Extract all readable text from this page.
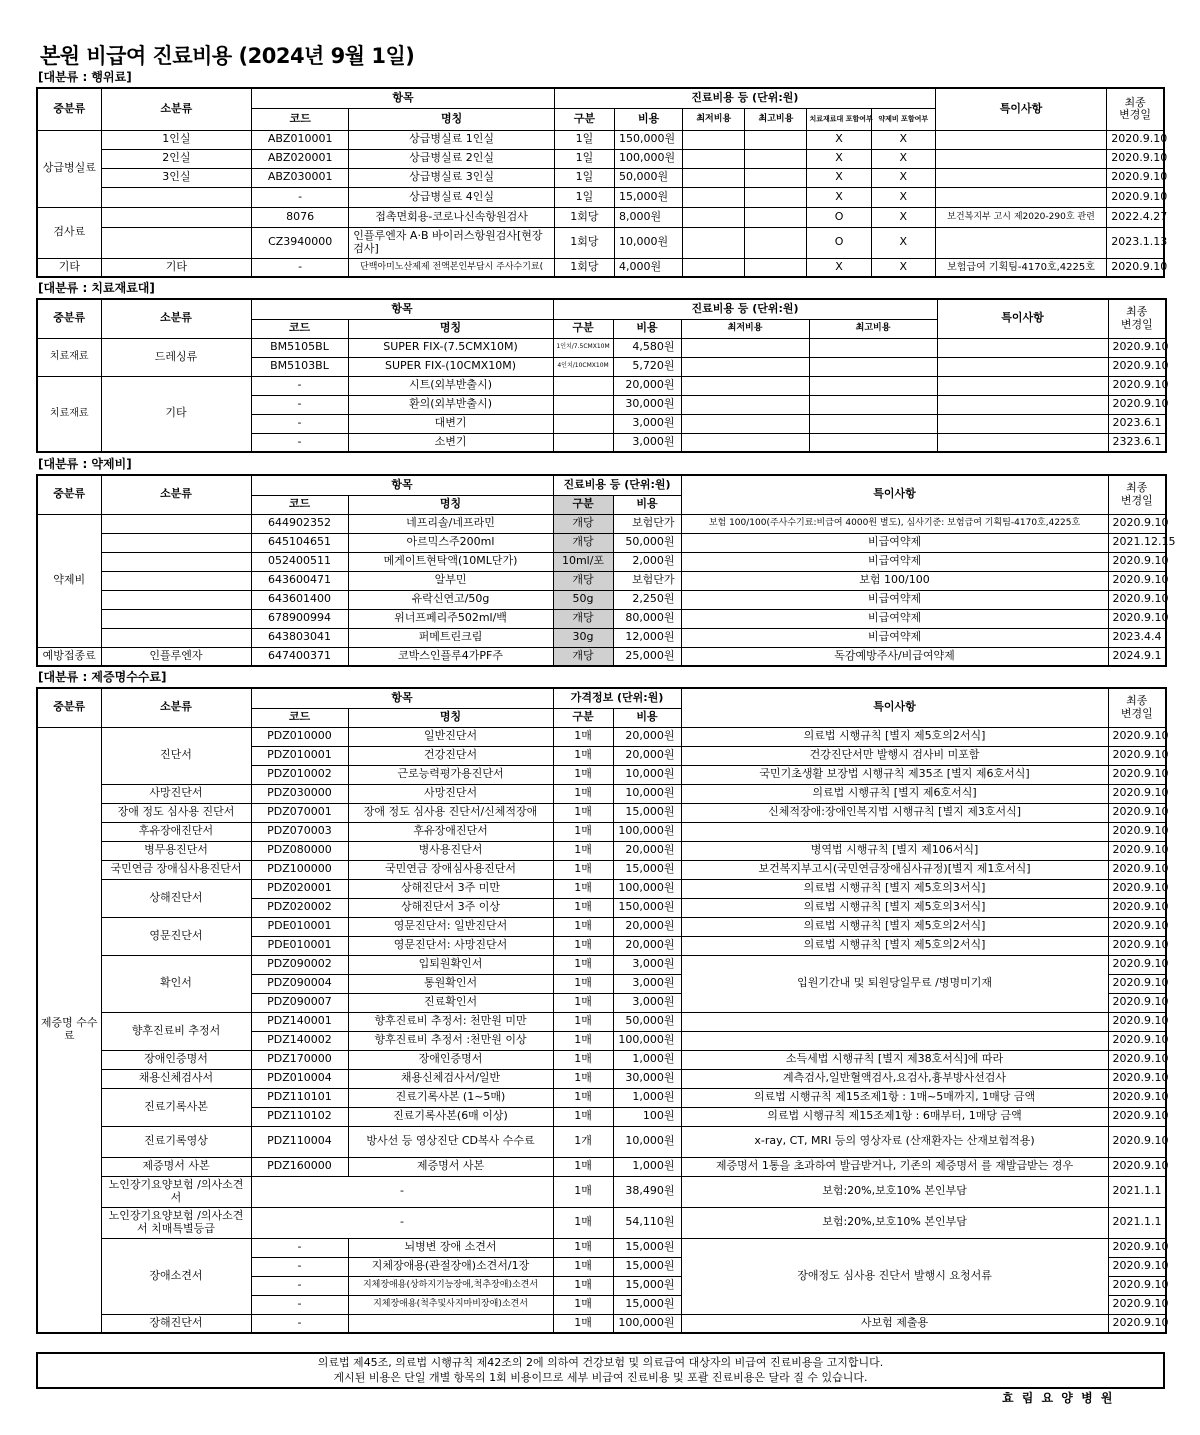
본원 비급여 진료비용 (2024년 9월 1일)
[대분류 : 행위료]
중분류	소분류	항목		진료비용 등 (단위:원)						특이사항	최종
변경일
		코드	명칭	구분	비용	최저비용	최고비용	치료재료대 포함여부	약제비 포함여부		
상급병실료	1인실	ABZ010001	상급병실료 1인실	1일	150,000원			X	X		2020.9.10
	2인실	ABZ020001	상급병실료 2인실	1일	100,000원			X	X		2020.9.10
	3인실	ABZ030001	상급병실료 3인실	1일	50,000원			X	X		2020.9.10
		-	상급병실료 4인실	1일	15,000원			X	X		2020.9.10
검사료		8076	접촉면회용-코로나신속항원검사	1회당	8,000원			O	X	보건복지부 고시 제2020-290호 관련	2022.4.27
		CZ3940000	인플루엔자 A·B 바이러스항원검사[현장검사]	1회당	10,000원			O	X		2023.1.13
기타	기타	-	단백아미노산제제 전액본인부담시 주사수기료(	1회당	4,000원			X	X	보험급여 기획팀-4170호,4225호	2020.9.10
[대분류 : 치료재료대]
중분류	소분류	항목		진료비용 등 (단위:원)				특이사항	최종
변경일
		코드	명칭	구분	비용	최저비용	최고비용		
치료재료	드레싱류	BM5105BL	SUPER FIX-(7.5CMX10M)	1인치/7.5CMX10M	4,580원				2020.9.10
		BM5103BL	SUPER FIX-(10CMX10M)	4인치/10CMX10M	5,720원				2020.9.10
치료재료	기타	-	시트(외부반출시)		20,000원				2020.9.10
		-	환의(외부반출시)		30,000원				2020.9.10
		-	대변기		3,000원				2023.6.1
		-	소변기		3,000원				2323.6.1
[대분류 : 약제비]
중분류	소분류	항목		진료비용 등 (단위:원)		특이사항	최종
변경일
		코드	명칭	구분	비용		
약제비		644902352	네프리솔/네프라민	개당	보험단가	보험 100/100(주사수기료:비급여 4000원 별도), 심사기준: 보험급여 기획팀-4170호,4225호	2020.9.10
		645104651	아르믹스주200ml	개당	50,000원	비급여약제	2021.12.15
		052400511	메게이트현탁액(10ML단가)	10ml/포	2,000원	비급여약제	2020.9.10
		643600471	알부민	개당	보험단가	보험 100/100	2020.9.10
		643601400	유락신연고/50g	50g	2,250원	비급여약제	2020.9.10
		678900994	위너프페리주502ml/백	개당	80,000원	비급여약제	2020.9.10
		643803041	퍼메트린크림	30g	12,000원	비급여약제	2023.4.4
예방접종료	인플루엔자	647400371	코박스인플루4가PF주	개당	25,000원	독감예방주사/비급여약제	2024.9.1
[대분류 : 제증명수수료]
중분류	소분류	항목		가격정보 (단위:원)		특이사항	최종
변경일
		코드	명칭	구분	비용		
제증명 수수료	진단서	PDZ010000	일반진단서	1매	20,000원	의료법 시행규칙 [별지 제5호의2서식]	2020.9.10
		PDZ010001	건강진단서	1매	20,000원	건강진단서만 발행시 검사비 미포함	2020.9.10
		PDZ010002	근로능력평가용진단서	1매	10,000원	국민기초생활 보장법 시행규칙 제35조 [별지 제6호서식]	2020.9.10
	사망진단서	PDZ030000	사망진단서	1매	10,000원	의료법 시행규칙 [별지 제6호서식]	2020.9.10
	장애 정도 심사용 진단서	PDZ070001	장애 정도 심사용 진단서/신체적장애	1매	15,000원	신체적장애:장애인복지법 시행규칙 [별지 제3호서식]	2020.9.10
	후유장애진단서	PDZ070003	후유장애진단서	1매	100,000원		2020.9.10
	병무용진단서	PDZ080000	병사용진단서	1매	20,000원	병역법 시행규칙 [별지 제106서식]	2020.9.10
	국민연금 장애심사용진단서	PDZ100000	국민연금 장애심사용진단서	1매	15,000원	보건복지부고시(국민연금장애심사규정)[별지 제1호서식]	2020.9.10
	상해진단서	PDZ020001	상해진단서 3주 미만	1매	100,000원	의료법 시행규칙 [별지 제5호의3서식]	2020.9.10
		PDZ020002	상해진단서 3주 이상	1매	150,000원	의료법 시행규칙 [별지 제5호의3서식]	2020.9.10
	영문진단서	PDE010001	영문진단서: 일반진단서	1매	20,000원	의료법 시행규칙 [별지 제5호의2서식]	2020.9.10
		PDE010001	영문진단서: 사망진단서	1매	20,000원	의료법 시행규칙 [별지 제5호의2서식]	2020.9.10
	확인서	PDZ090002	입퇴원확인서	1매	3,000원	입원기간내 및 퇴원당일무료 /병명미기재	2020.9.10
		PDZ090004	통원확인서	1매	3,000원		2020.9.10
		PDZ090007	진료확인서	1매	3,000원		2020.9.10
	향후진료비 추정서	PDZ140001	향후진료비 추정서: 천만원 미만	1매	50,000원		2020.9.10
		PDZ140002	향후진료비 추정서 :천만원 이상	1매	100,000원		2020.9.10
	장애인증명서	PDZ170000	장애인증명서	1매	1,000원	소득세법 시행규칙 [별지 제38호서식]에 따라	2020.9.10
	채용신체검사서	PDZ010004	채용신체검사서/일반	1매	30,000원	계측검사,일반혈액검사,요검사,흉부방사선검사	2020.9.10
	진료기록사본	PDZ110101	진료기록사본 (1~5매)	1매	1,000원	의료법 시행규칙 제15조제1항 : 1매~5매까지, 1매당 금액	2020.9.10
		PDZ110102	진료기록사본(6매 이상)	1매	100원	의료법 시행규칙 제15조제1항 : 6매부터, 1매당 금액	2020.9.10
	진료기록영상	PDZ110004	방사선 등 영상진단 CD복사 수수료	1개	10,000원	x-ray, CT, MRI 등의 영상자료 (산재환자는 산재보험적용)	2020.9.10
	제증명서 사본	PDZ160000	제증명서 사본	1매	1,000원	제증명서 1통을 초과하여 발급받거나, 기존의 제증명서 를 재발급받는 경우	2020.9.10
	노인장기요양보험 /의사소견서	-		1매	38,490원	보험:20%,보호10% 본인부담	2021.1.1
	노인장기요양보험 /의사소견서 치매특별등급	-		1매	54,110원	보험:20%,보호10% 본인부담	2021.1.1
	장애소견서	-	뇌병변 장애 소견서	1매	15,000원	장애정도 심사용 진단서 발행시 요청서류	2020.9.10
		-	지체장애용(관절장애)소견서/1장	1매	15,000원		2020.9.10
		-	지체장애용(상하지기능장애,척추장애)소견서	1매	15,000원		2020.9.10
		-	지체장애용(척추및사지마비장애)소견서	1매	15,000원		2020.9.10
	장해진단서	-		1매	100,000원	사보험 제출용	2020.9.10
의료법 제45조, 의료법 시행규칙 제42조의 2에 의하여 건강보험 및 의료급여 대상자의 비급여 진료비용을 고지합니다.
게시된 비용은 단일 개별 항목의 1회 비용이므로 세부 비급여 진료비용 및 포괄 진료비용은 달라 질 수 있습니다.
효 림 요 양 병 원
